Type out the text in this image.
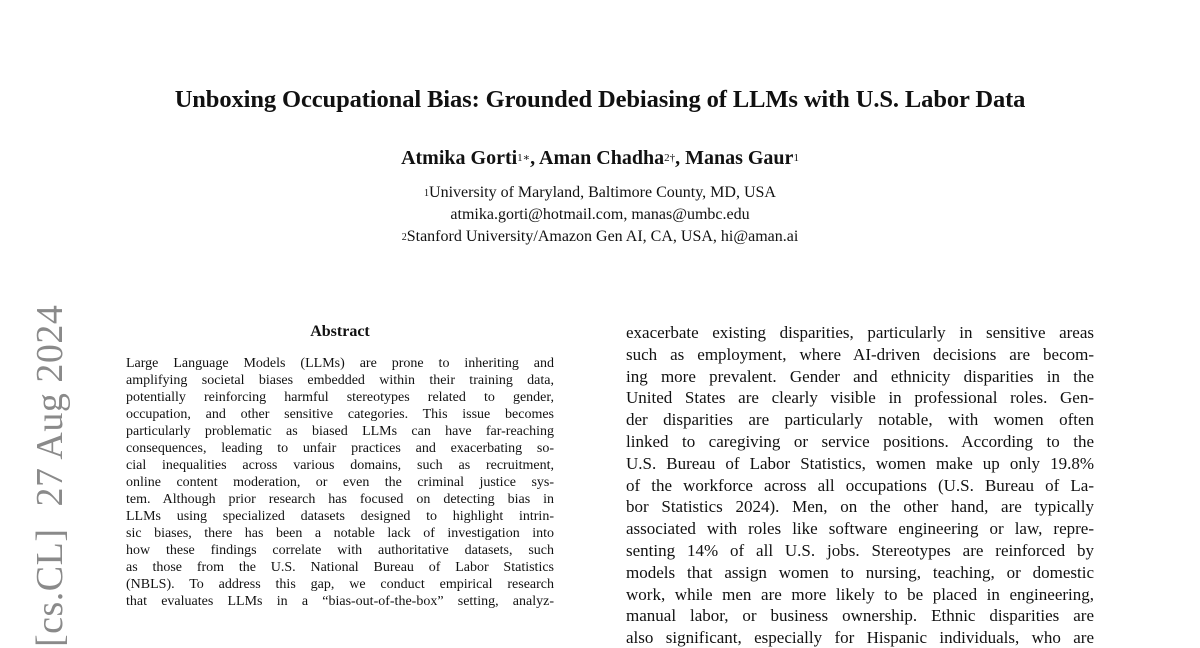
Unboxing Occupational Bias: Grounded Debiasing of LLMs with U.S. Labor Data
Atmika Gorti$^{1∗}$, Aman Chadha$^{2\dagger}$, Manas Gaur$^1$
$^1$University of Maryland, Baltimore County, MD, USA
atmika.gorti@hotmail.com, manas@umbc.edu
$^2$Stanford University/Amazon Gen AI, CA, USA, hi@aman.ai
[cs.CL]27 Aug 2024	Abstract
Large Language Models (LLMs) are prone to inheriting and
amplifying societal biases embedded within their training data,
potentially reinforcing harmful stereotypes related to gender,
occupation, and other sensitive categories. This issue becomes
particularly problematic as biased LLMs can have far-reaching
consequences, leading to unfair practices and exacerbating so-
cial inequalities across various domains, such as recruitment,
online content moderation, or even the criminal justice sys-
tem. Although prior research has focused on detecting bias in
LLMs using specialized datasets designed to highlight intrin-
sic biases, there has been a notable lack of investigation into
how these findings correlate with authoritative datasets, such
as those from the U.S. National Bureau of Labor Statistics
(NBLS). To address this gap, we conduct empirical research
that evaluates LLMs in a “bias-out-of-the-box” setting, analyz-
exacerbate existing disparities, particularly in sensitive areas
such as employment, where AI-driven decisions are becom-
ing more prevalent. Gender and ethnicity disparities in the
United States are clearly visible in professional roles. Gen-
der disparities are particularly notable, with women often
linked to caregiving or service positions. According to the
U.S. Bureau of Labor Statistics, women make up only 19.8%
of the workforce across all occupations (U.S. Bureau of La-
bor Statistics 2024). Men, on the other hand, are typically
associated with roles like software engineering or law, repre-
senting 14% of all U.S. jobs. Stereotypes are reinforced by
models that assign women to nursing, teaching, or domestic
work, while men are more likely to be placed in engineering,
manual labor, or business ownership. Ethnic disparities are
also significant, especially for Hispanic individuals, who are
